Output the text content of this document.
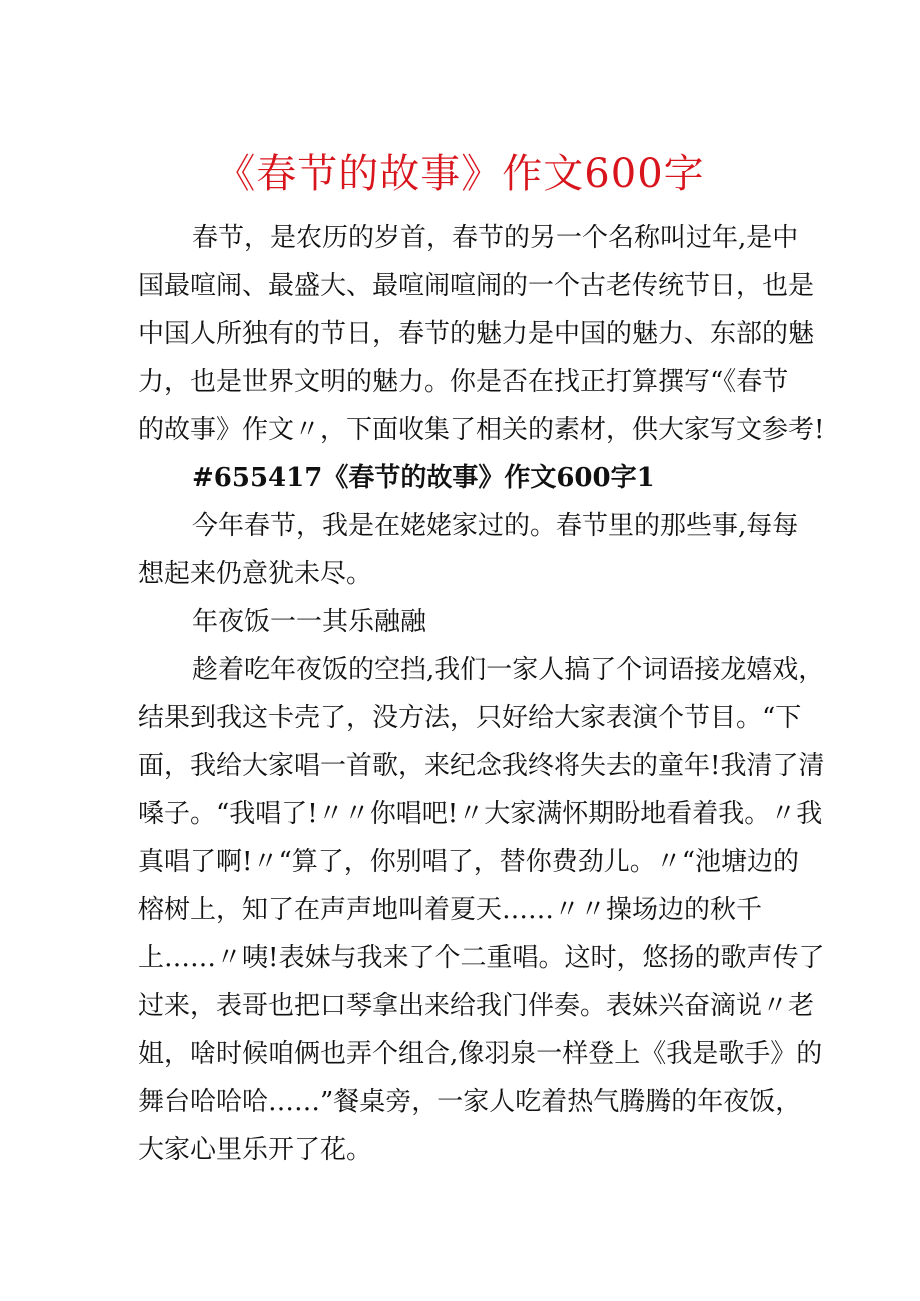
《春节的故事》作文600字
春节，是农历的岁首，春节的另一个名称叫过年,是中
国最喧闹、最盛大、最喧闹喧闹的一个古老传统节日，也是
中国人所独有的节日，春节的魅力是中国的魅力、东部的魅
力，也是世界文明的魅力。你是否在找正打算撰写“《春节
的故事》作文〃，下面收集了相关的素材，供大家写文参考!
#655417《春节的故事》作文600字1
今年春节，我是在姥姥家过的。春节里的那些事,每每
想起来仍意犹未尽。
年夜饭一一其乐融融
趁着吃年夜饭的空挡,我们一家人搞了个词语接龙嬉戏，
结果到我这卡壳了，没方法，只好给大家表演个节目。“下
面，我给大家唱一首歌，来纪念我终将失去的童年!我清了清
嗓子。“我唱了!〃〃你唱吧!〃大家满怀期盼地看着我。〃我
真唱了啊!〃“算了，你别唱了，替你费劲儿。〃“池塘边的
榕树上，知了在声声地叫着夏天……〃〃操场边的秋千
上……〃咦!表妹与我来了个二重唱。这时，悠扬的歌声传了
过来，表哥也把口琴拿出来给我门伴奏。表妹兴奋滴说〃老
姐，啥时候咱俩也弄个组合,像羽泉一样登上《我是歌手》的
舞台哈哈哈……”餐桌旁，一家人吃着热气腾腾的年夜饭，
大家心里乐开了花。
